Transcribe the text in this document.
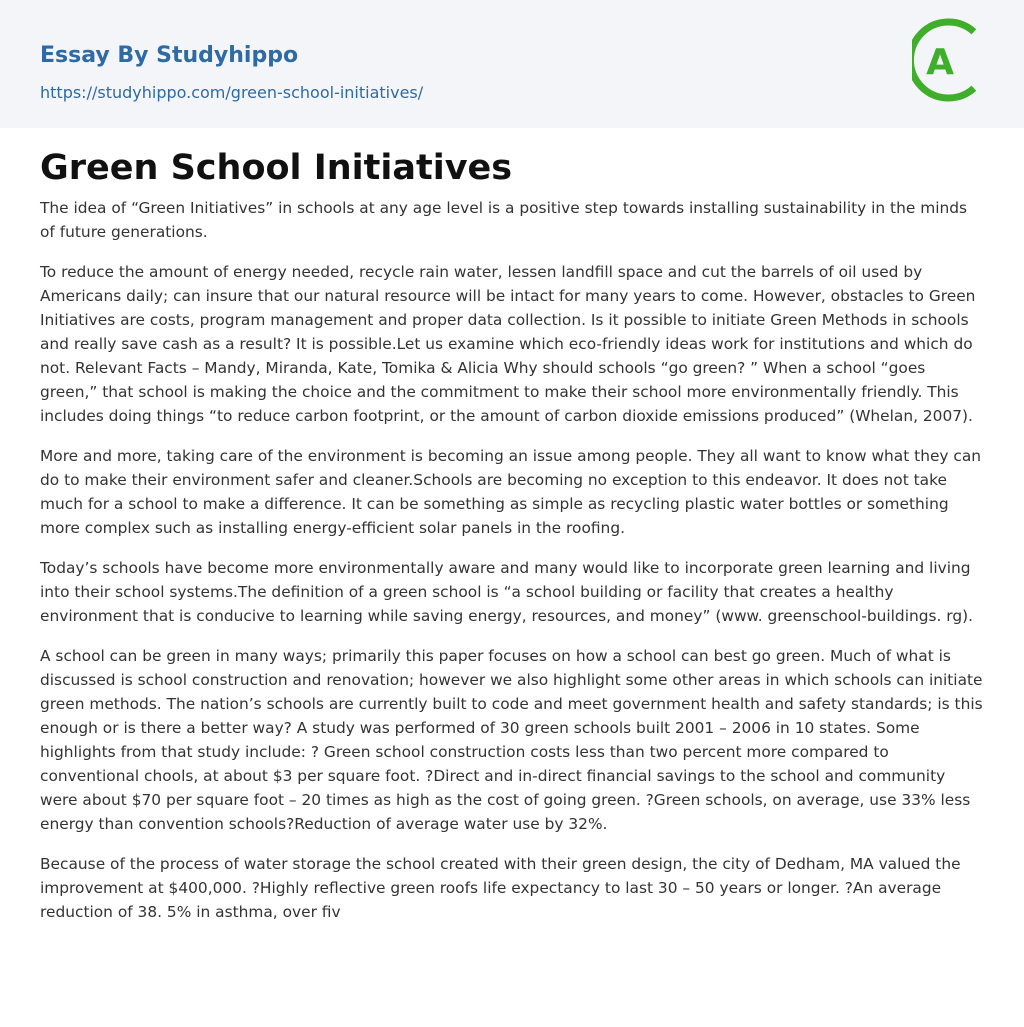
Essay By Studyhippo
https://studyhippo.com/green-school-initiatives/
A
Green School Initiatives

The idea of “Green Initiatives” in schools at any age level is a positive step towards installing sustainability in the minds of future generations.

To reduce the amount of energy needed, recycle rain water, lessen landfill space and cut the barrels of oil used by Americans daily; can insure that our natural resource will be intact for many years to come. However, obstacles to Green Initiatives are costs, program management and proper data collection. Is it possible to initiate Green Methods in schools and really save cash as a result? It is possible.Let us examine which eco-friendly ideas work for institutions and which do not. Relevant Facts – Mandy, Miranda, Kate, Tomika & Alicia Why should schools “go green? ” When a school “goes green,” that school is making the choice and the commitment to make their school more environmentally friendly. This includes doing things “to reduce carbon footprint, or the amount of carbon dioxide emissions produced” (Whelan, 2007).

More and more, taking care of the environment is becoming an issue among people. They all want to know what they can do to make their environment safer and cleaner.Schools are becoming no exception to this endeavor. It does not take much for a school to make a difference. It can be something as simple as recycling plastic water bottles or something more complex such as installing energy-efficient solar panels in the roofing.

Today’s schools have become more environmentally aware and many would like to incorporate green learning and living into their school systems.The definition of a green school is “a school building or facility that creates a healthy environment that is conducive to learning while saving energy, resources, and money” (www. greenschool-buildings. rg).

A school can be green in many ways; primarily this paper focuses on how a school can best go green. Much of what is discussed is school construction and renovation; however we also highlight some other areas in which schools can initiate green methods. The nation’s schools are currently built to code and meet government health and safety standards; is this enough or is there a better way? A study was performed of 30 green schools built 2001 – 2006 in 10 states. Some highlights from that study include: ? Green school construction costs less than two percent more compared to conventional chools, at about $3 per square foot. ?Direct and in-direct financial savings to the school and community were about $70 per square foot – 20 times as high as the cost of going green. ?Green schools, on average, use 33% less energy than convention schools?Reduction of average water use by 32%.

Because of the process of water storage the school created with their green design, the city of Dedham, MA valued the improvement at $400,000. ?Highly reflective green roofs life expectancy to last 30 – 50 years or longer. ?An average reduction of 38. 5% in asthma, over fiv
